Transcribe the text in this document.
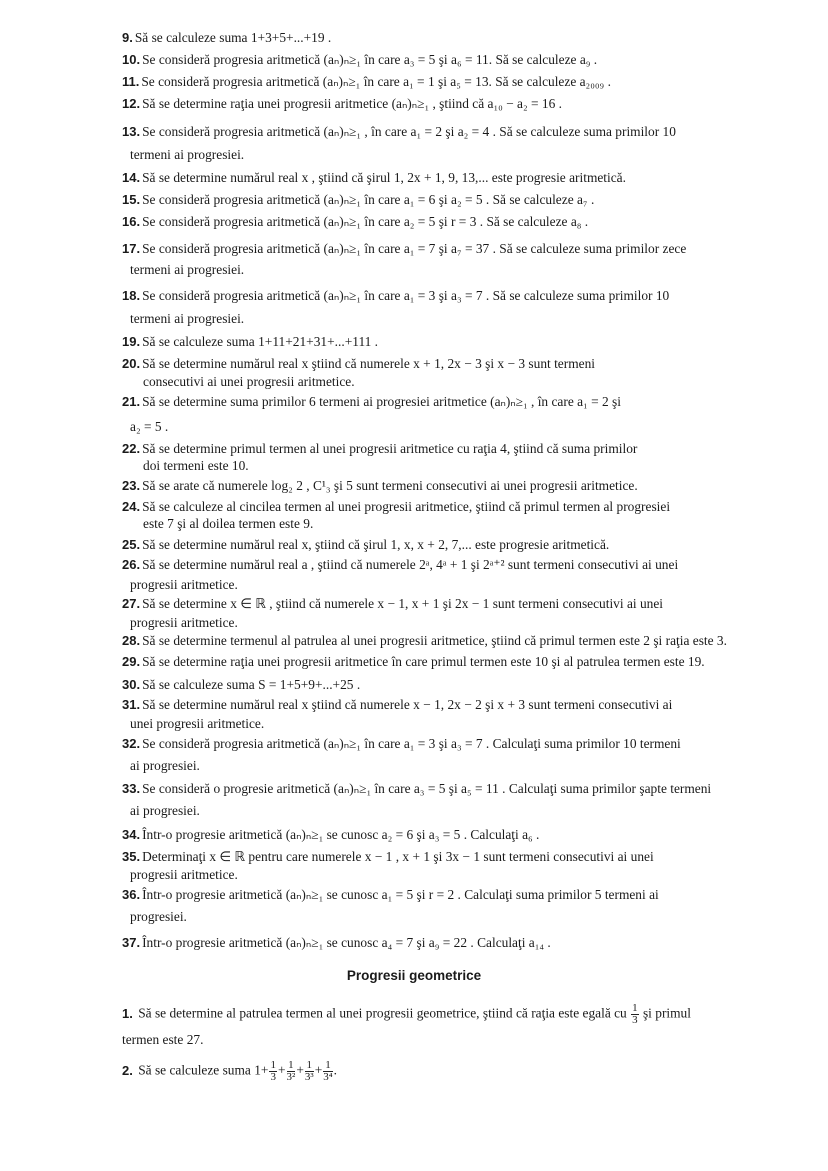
Progresii geometrice
1. Să se determine al patrulea termen al unei progresii geometrice, ştiind că raţia este egală cu $\frac{1}{3}$ şi primul
termen este 27.
2. Să se calculeze suma $1+ \frac{1}{3} + \frac{1}{\text{3²}} + \frac{1}{\text{3³}} + \frac{1}{\text{3⁴}}$ .
9. Să se calculeze suma 1+3+5+...+19 .
10. Se consideră progresia aritmetică (aₙ)ₙ≥₁ în care a₃ = 5 şi a₆ = 11. Să se calculeze a₉ .
11. Se consideră progresia aritmetică (aₙ)ₙ≥₁ în care a₁ = 1 şi a₅ = 13. Să se calculeze a₂₀₀₉ .
12. Să se determine raţia unei progresii aritmetice (aₙ)ₙ≥₁ , ştiind că a₁₀ − a₂ = 16 .
13. Se consideră progresia aritmetică (aₙ)ₙ≥₁ , în care a₁ = 2 şi a₂ = 4 . Să se calculeze suma primilor 10
termeni ai progresiei.
14. Să se determine numărul real x , ştiind că şirul 1, 2x + 1, 9, 13,... este progresie aritmetică.
15. Se consideră progresia aritmetică (aₙ)ₙ≥₁ în care a₁ = 6 şi a₂ = 5 . Să se calculeze a₇ .
16. Se consideră progresia aritmetică (aₙ)ₙ≥₁ în care a₂ = 5 şi r = 3 . Să se calculeze a₈ .
17. Se consideră progresia aritmetică (aₙ)ₙ≥₁ în care a₁ = 7 şi a₇ = 37 . Să se calculeze suma primilor zece
termeni ai progresiei.
18. Se consideră progresia aritmetică (aₙ)ₙ≥₁ în care a₁ = 3 şi a₃ = 7 . Să se calculeze suma primilor 10
termeni ai progresiei.
19. Să se calculeze suma 1+11+21+31+...+111 .
20. Să se determine numărul real x ştiind că numerele x + 1, 2x − 3 şi x − 3 sunt termeni
consecutivi ai unei progresii aritmetice.
21. Să se determine suma primilor 6 termeni ai progresiei aritmetice (aₙ)ₙ≥₁ , în care a₁ = 2 şi
a₂ = 5 .
22. Să se determine primul termen al unei progresii aritmetice cu raţia 4, ştiind că suma primilor
doi termeni este 10.
23. Să se arate că numerele log₂ 2 , C¹₃ şi 5 sunt termeni consecutivi ai unei progresii aritmetice.
24. Să se calculeze al cincilea termen al unei progresii aritmetice, ştiind că primul termen al progresiei
este 7 şi al doilea termen este 9.
25. Să se determine numărul real x, ştiind că şirul 1, x, x + 2, 7,... este progresie aritmetică.
26. Să se determine numărul real a , ştiind că numerele 2ᵃ, 4ᵃ + 1 şi 2ᵃ⁺² sunt termeni consecutivi ai unei
progresii aritmetice.
27. Să se determine x ∈ ℝ , ştiind că numerele x − 1, x + 1 şi 2x − 1 sunt termeni consecutivi ai unei
progresii aritmetice.
28. Să se determine termenul al patrulea al unei progresii aritmetice, ştiind că primul termen este 2 şi raţia este 3.
29. Să se determine raţia unei progresii aritmetice în care primul termen este 10 şi al patrulea termen este 19.
30. Să se calculeze suma S = 1+5+9+...+25 .
31. Să se determine numărul real x ştiind că numerele x − 1, 2x − 2 şi x + 3 sunt termeni consecutivi ai
unei progresii aritmetice.
32. Se consideră progresia aritmetică (aₙ)ₙ≥₁ în care a₁ = 3 şi a₃ = 7 . Calculaţi suma primilor 10 termeni
ai progresiei.
33. Se consideră o progresie aritmetică (aₙ)ₙ≥₁ în care a₃ = 5 şi a₅ = 11 . Calculaţi suma primilor şapte termeni
ai progresiei.
34. Într-o progresie aritmetică (aₙ)ₙ≥₁ se cunosc a₂ = 6 şi a₃ = 5 . Calculaţi a₆ .
35. Determinaţi x ∈ ℝ pentru care numerele x − 1 , x + 1 şi 3x − 1 sunt termeni consecutivi ai unei
progresii aritmetice.
36. Într-o progresie aritmetică (aₙ)ₙ≥₁ se cunosc a₁ = 5 şi r = 2 . Calculaţi suma primilor 5 termeni ai
progresiei.
37. Într-o progresie aritmetică (aₙ)ₙ≥₁ se cunosc a₄ = 7 şi a₉ = 22 . Calculaţi a₁₄ .
